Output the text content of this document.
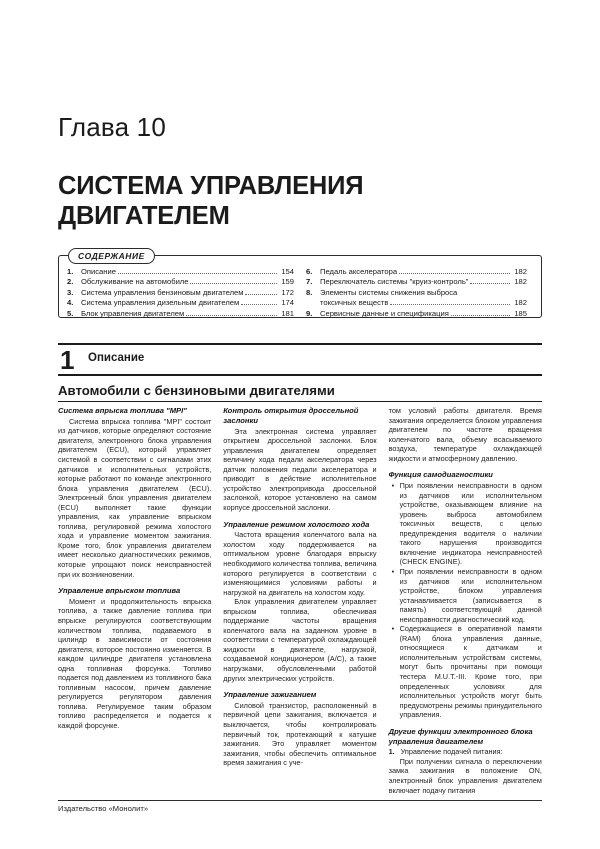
Глава 10
СИСТЕМА УПРАВЛЕНИЯ ДВИГАТЕЛЕМ
СОДЕРЖАНИЕ
1.	Описание	154
2.	Обслуживание на автомобиле	159
3.	Система управления бензиновым двигателем	172
4.	Система управления дизельным двигателем	174
5.	Блок управления двигателем	181
6.	Педаль акселератора	182
7.	Переключатель системы "круиз-контроль"	182
8.	Элементы системы снижения выброса
токсичных веществ	182
9.	Сервисные данные и спецификация	185
1 Описание
Автомобили с бензиновыми двигателями
Система впрыска топлива "MPI"

Система впрыска топлива "MPI" состоит из датчиков, которые определяют состояние двигателя, электронного блока управления двигателем (ECU), который управляет системой в соответствии с сигналами этих датчиков и исполнительных устройств, которые работают по команде электронного блока управления двигателем (ECU). Электронный блок управления двигателем (ECU) выполняет такие функции управления, как управление впрыском топлива, регулировкой режима холостого хода и управление моментом зажигания. Кроме того, блок управления двигателем имеет несколько диагностических режимов, которые упрощают поиск неисправностей при их возникновении.

Управление впрыском топлива

Момент и продолжительность впрыска топлива, а также давление топлива при впрыске регулируются соответствующим количеством топлива, подаваемого в цилиндр в зависимости от состояния двигателя, которое постоянно изменяется. В каждом цилиндре двигателя установлена одна топливная форсунка. Топливо подается под давлением из топливного бака топливным насосом, причем давление регулируется регулятором давления топлива. Регулируемое таким образом топливо распределяется и подается к каждой форсунке.

Контроль открытия дроссельной заслонки

Эта электронная система управляет открытием дроссельной заслонки. Блок управления двигателем определяет величину хода педали акселератора через датчик положения педали акселератора и приводит в действие исполнительное устройство электропривода дроссельной заслонкой, которое установлено на самом корпусе дроссельной заслонки.

Управление режимом холостого хода

Частота вращения коленчатого вала на холостом ходу поддерживается на оптимальном уровне благодаря впрыску необходимого количества топлива, величина которого регулируется в соответствии с изменяющимися условиями работы и нагрузкой на двигатель на холостом ходу.

Блок управления двигателем управляет впрыском топлива, обеспечивая поддержание частоты вращения коленчатого вала на заданном уровне в соответствии с температурой охлаждающей жидкости в двигателе, нагрузкой, создаваемой кондиционером (A/C), а также нагрузками, обусловленными работой других электрических устройств.

Управление зажиганием

Силовой транзистор, расположенный в первичной цепи зажигания, включается и выключается, чтобы контролировать первичный ток, протекающий к катушке зажигания. Это управляет моментом зажигания, чтобы обеспечить оптимальное время зажигания с уче-

том условий работы двигателя. Время зажигания определяется блоком управления двигателем по частоте вращения коленчатого вала, объему всасываемого воздуха, температуре охлаждающей жидкости и атмосферному давлению.

Функция самодиагностики

• При появлении неисправности в одном из датчиков или исполнительном устройстве, оказывающем влияние на уровень выброса автомобилем токсичных веществ, с целью предупреждения водителя о наличии такого нарушения производится включение индикатора неисправностей (CHECK ENGINE).

• При появлении неисправности в одном из датчиков или исполнительном устройстве, блоком управления устанавливается (записывается в память) соответствующий данной неисправности диагностический код.

• Содержащиеся в оперативной памяти (RAM) блока управления данные, относящиеся к датчикам и исполнительным устройствам системы, могут быть прочитаны при помощи тестера M.U.T.-III. Кроме того, при определенных условиях для исполнительных устройств могут быть предусмотрены режимы принудительного управления.

Другие функции электронного блока управления двигателем

1. Управление подачей питания:

При получении сигнала о переключении замка зажигания в положение ON, электронный блок управления двигателем включает подачу питания

Издательство «Монолит»
